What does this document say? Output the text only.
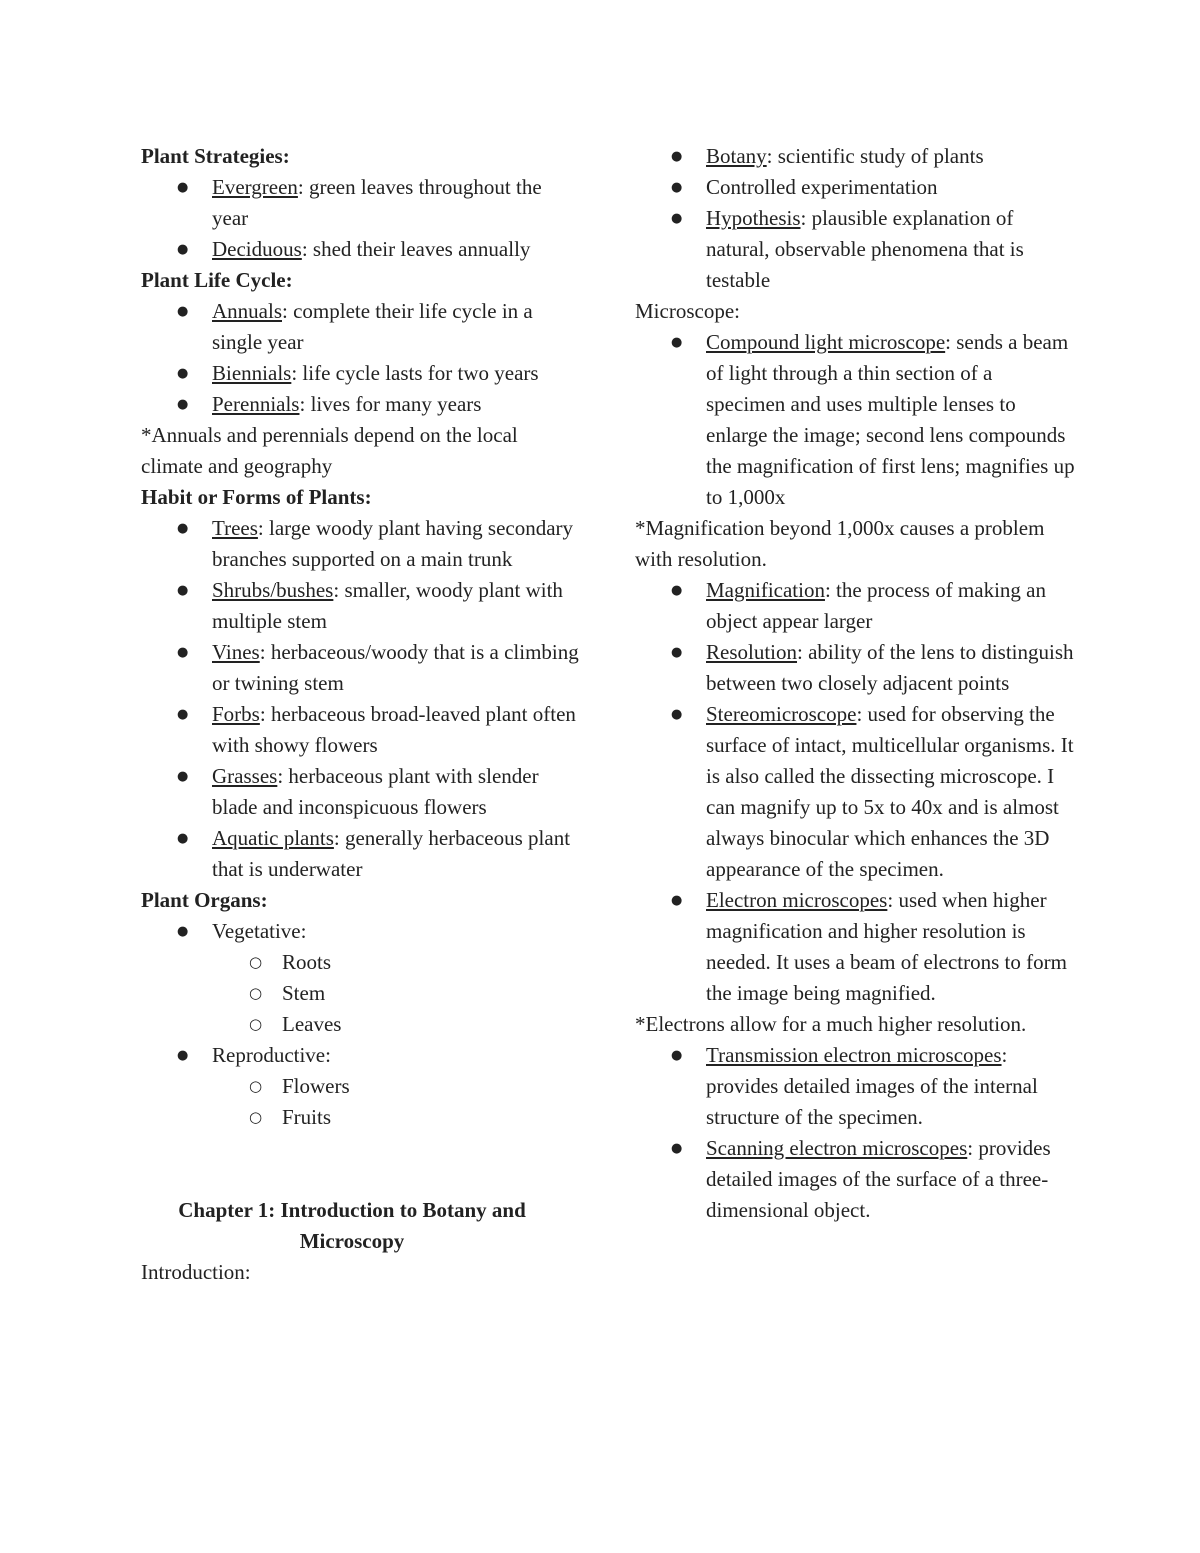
Plant Strategies:

● Evergreen: green leaves throughout the year
● Deciduous: shed their leaves annually

Plant Life Cycle:

● Annuals: complete their life cycle in a single year
● Biennials: life cycle lasts for two years
● Perennials: lives for many years

*Annuals and perennials depend on the local climate and geography

Habit or Forms of Plants:

● Trees: large woody plant having secondary branches supported on a main trunk
● Shrubs/bushes: smaller, woody plant with multiple stem
● Vines: herbaceous/woody that is a climbing or twining stem
● Forbs: herbaceous broad-leaved plant often with showy flowers
● Grasses: herbaceous plant with slender blade and inconspicuous flowers
● Aquatic plants: generally herbaceous plant that is underwater

Plant Organs:

● Vegetative:
○ Roots
○ Stem
○ Leaves
● Reproductive:
○ Flowers
○ Fruits

Chapter 1: Introduction to Botany and

Microscopy

Introduction:

● Botany: scientific study of plants
● Controlled experimentation
● Hypothesis: plausible explanation of natural, observable phenomena that is testable

Microscope:

● Compound light microscope: sends a beam of light through a thin section of a specimen and uses multiple lenses to enlarge the image; second lens compounds the magnification of first lens; magnifies up to 1,000x

*Magnification beyond 1,000x causes a problem with resolution.

● Magnification: the process of making an object appear larger
● Resolution: ability of the lens to distinguish between two closely adjacent points
● Stereomicroscope: used for observing the surface of intact, multicellular organisms. It is also called the dissecting microscope. I can magnify up to 5x to 40x and is almost always binocular which enhances the 3D appearance of the specimen.
● Electron microscopes: used when higher magnification and higher resolution is needed. It uses a beam of electrons to form the image being magnified.

*Electrons allow for a much higher resolution.

● Transmission electron microscopes: provides detailed images of the internal structure of the specimen.
● Scanning electron microscopes: provides detailed images of the surface of a three-dimensional object.
